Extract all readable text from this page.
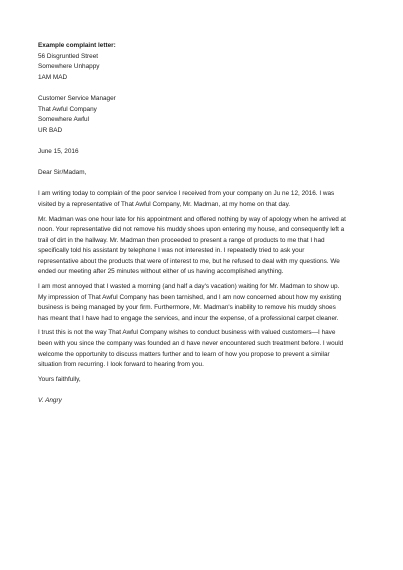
Example complaint letter:

56 Disgruntled Street
Somewhere Unhappy
1AM MAD
Customer Service Manager
That Awful Company
Somewhere Awful
UR BAD
June 15, 2016
Dear Sir/Madam,
I am writing today to complain of the poor service I received from your company on Ju ne 12, 2016. I was
visited by a representative of That Awful Company, Mr. Madman, at my home on that day.
Mr. Madman was one hour late for his appointment and offered nothing by way of apology when he arrived at
noon. Your representative did not remove his muddy shoes upon entering my house, and consequently left a
trail of dirt in the hallway. Mr. Madman then proceeded to present a range of products to me that I had
specifically told his assistant by telephone I was not interested in. I repeatedly tried to ask your
representative about the products that were of interest to me, but he refused to deal with my questions. We
ended our meeting after 25 minutes without either of us having accomplished anything.
I am most annoyed that I wasted a morning (and half a day's vacation) waiting for Mr. Madman to show up.
My impression of That Awful Company has been tarnished, and I am now concerned about how my existing
business is being managed by your firm. Furthermore, Mr. Madman's inability to remove his muddy shoes
has meant that I have had to engage the services, and incur the expense, of a professional carpet cleaner.
I trust this is not the way That Awful Company wishes to conduct business with valued customers—I have
been with you since the company was founded an d have never encountered such treatment before. I would
welcome the opportunity to discuss matters further and to learn of how you propose to prevent a similar
situation from recurring. I look forward to hearing from you.
Yours faithfully,
V. Angry
